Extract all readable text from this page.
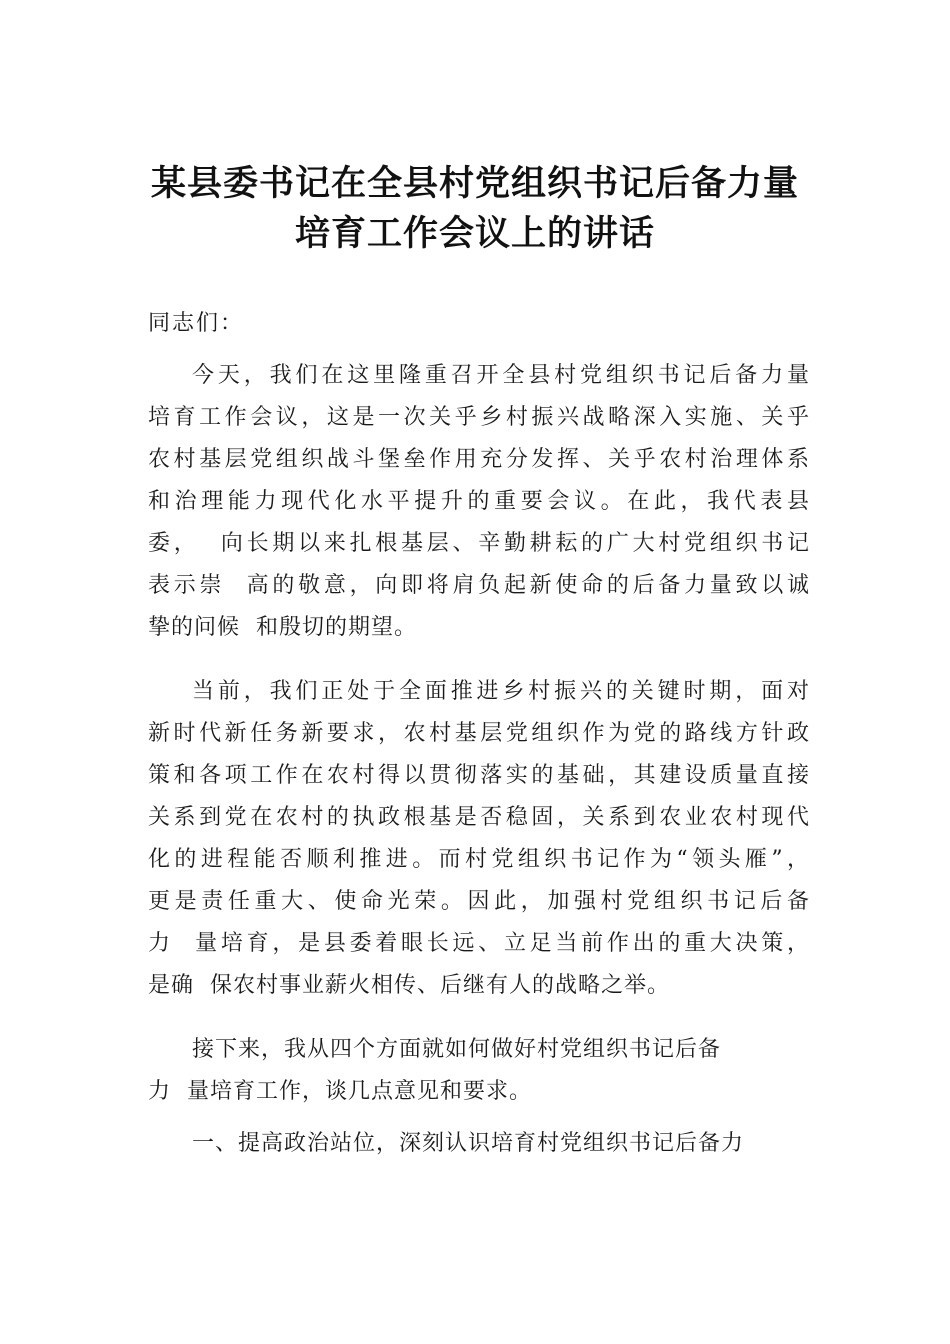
某县委书记在全县村党组织书记后备力量
培育工作会议上的讲话
同志们：
今天，我们在这里隆重召开全县村党组织书记后备力量
培育工作会议，这是一次关乎乡村振兴战略深入实施、关乎
农村基层党组织战斗堡垒作用充分发挥、关乎农村治理体系
和治理能力现代化水平提升的重要会议。在此，我代表县
委，  向长期以来扎根基层、辛勤耕耘的广大村党组织书记
表示崇  高的敬意，向即将肩负起新使命的后备力量致以诚
挚的问候  和殷切的期望。
当前，我们正处于全面推进乡村振兴的关键时期，面对
新时代新任务新要求，农村基层党组织作为党的路线方针政
策和各项工作在农村得以贯彻落实的基础，其建设质量直接
关系到党在农村的执政根基是否稳固，关系到农业农村现代
化的进程能否顺利推进。而村党组织书记作为“领头雁”，
更是责任重大、使命光荣。因此，加强村党组织书记后备
力  量培育，是县委着眼长远、立足当前作出的重大决策，
是确  保农村事业薪火相传、后继有人的战略之举。
接下来，我从四个方面就如何做好村党组织书记后备
力  量培育工作，谈几点意见和要求。
一、提高政治站位，深刻认识培育村党组织书记后备力
